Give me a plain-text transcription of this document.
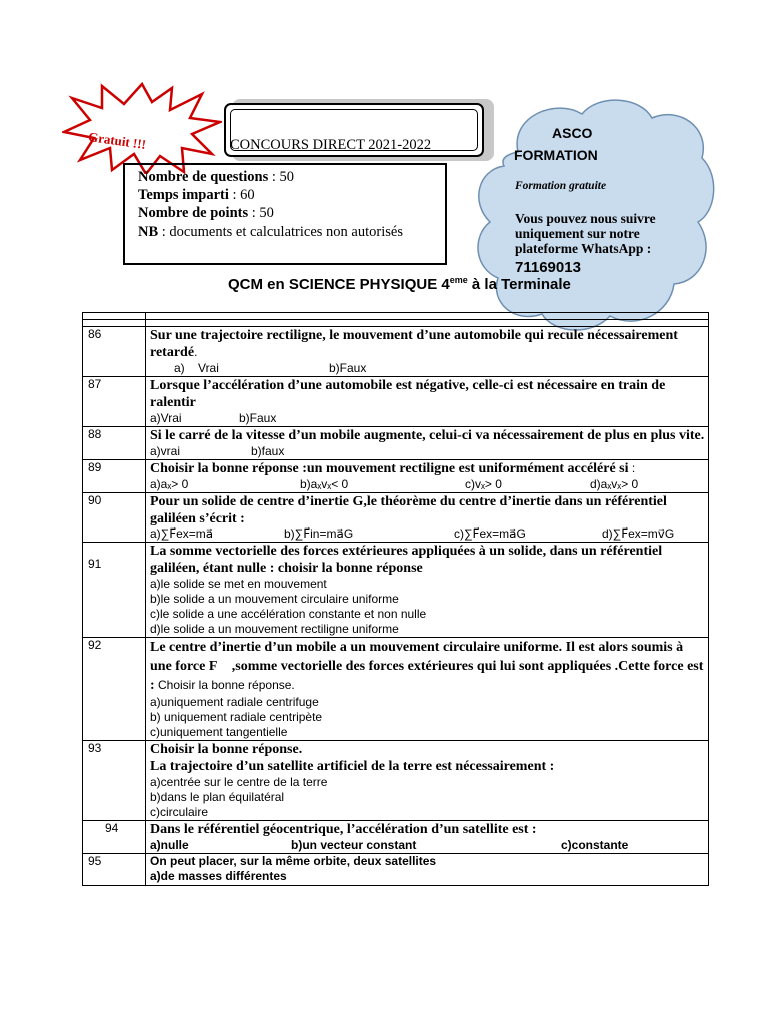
Gratuit !!!	CONCOURS DIRECT 2021-2022
Nombre de questions : 50
Temps imparti : 60
Nombre de points : 50
NB : documents et calculatrices non autorisés
ASCO
FORMATION
Formation gratuite
Vous pouvez nous suivre
uniquement sur notre
plateforme WhatsApp :
71169013
QCM en SCIENCE PHYSIQUE 4eme à la Terminale

86	Sur une trajectoire rectiligne, le mouvement d’une automobile qui recule nécessairement retardé.
a)    Vrai b)Faux

87	Lorsque l’accélération d’une automobile est négative, celle-ci est nécessaire en train de ralentir
a)Vrai b)Faux

88	Si le carré de la vitesse d’un mobile augmente, celui-ci va nécessairement de plus en plus vite.
a)vrai b)faux

89	Choisir la bonne réponse :un mouvement rectiligne est uniformément accéléré si :
a)aₓ> 0 b)aₓvₓ< 0 c)vₓ> 0 d)aₓvₓ> 0

90	Pour un solide de centre d’inertie G,le théorème du centre d’inertie dans un référentiel galiléen s’écrit :
a)∑F⃗ex=ma⃗ b)∑F⃗in=ma⃗G c)∑F⃗ex=ma⃗G d)∑F⃗ex=mv⃗G

91	La somme vectorielle des forces extérieures appliquées à un solide, dans un référentiel galiléen, étant nulle : choisir la bonne réponse
a)le solide se met en mouvement
b)le solide a un mouvement circulaire uniforme
c)le solide a une accélération constante et non nulle
d)le solide a un mouvement rectiligne uniforme

92	Le centre d’inertie d’un mobile a un mouvement circulaire uniforme. Il est alors soumis à une force F⃗ ,somme vectorielle des forces extérieures qui lui sont appliquées .Cette force est : Choisir la bonne réponse.
a)uniquement radiale centrifuge
b) uniquement radiale centripète
c)uniquement tangentielle

93	Choisir la bonne réponse.
La trajectoire d’un satellite artificiel de la terre est nécessairement :
a)centrée sur le centre de la terre
b)dans le plan équilatéral
c)circulaire

94	Dans le référentiel géocentrique, l’accélération d’un satellite est :
a)nulle b)un vecteur constant c)constante

95	On peut placer, sur la même orbite, deux satellites
a)de masses différentes
